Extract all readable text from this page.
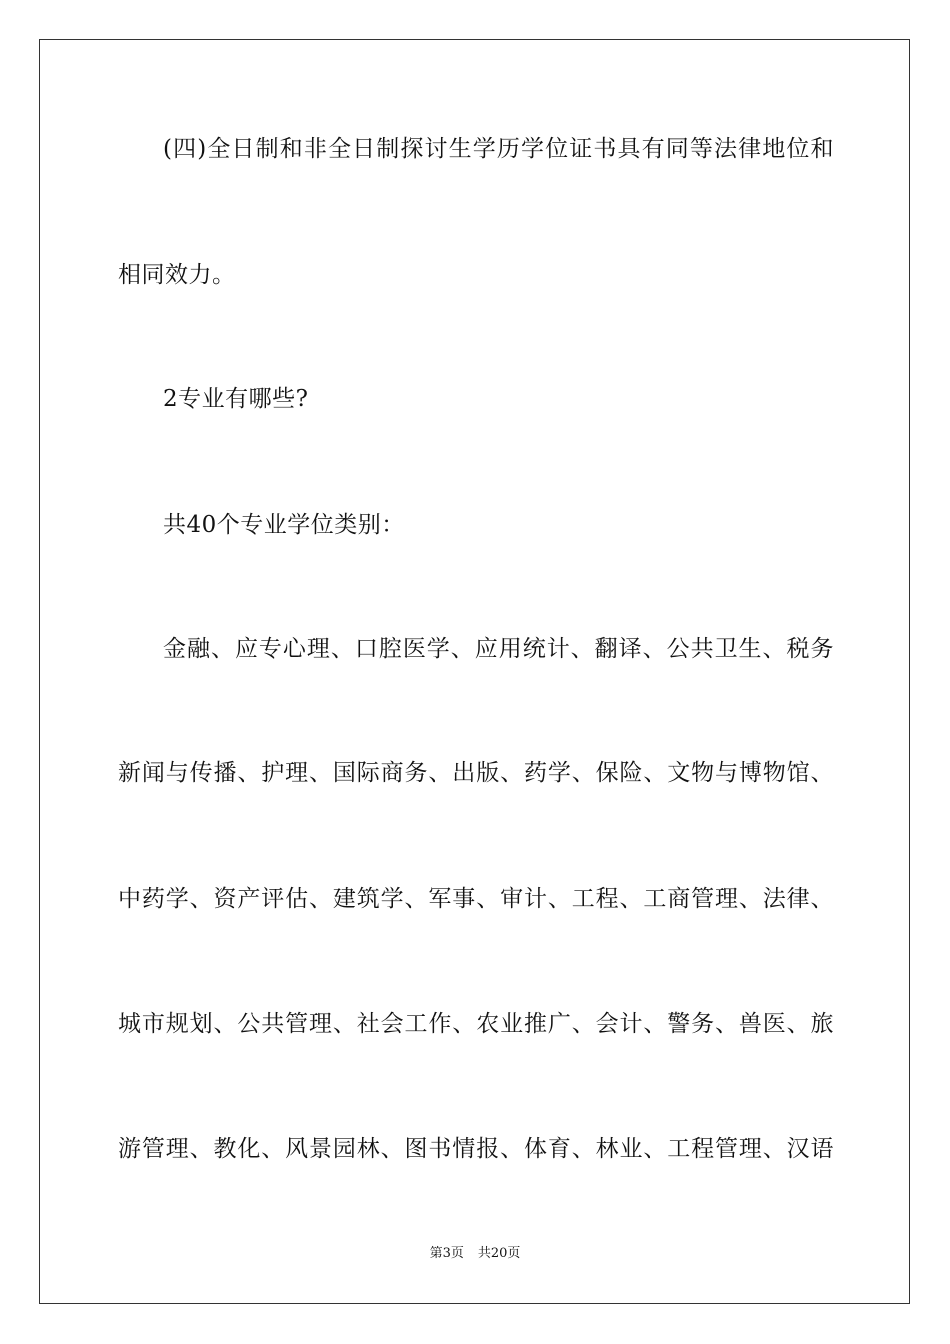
(四)全日制和非全日制探讨生学历学位证书具有同等法律地位和
相同效力。
2专业有哪些?
共40个专业学位类别：
金融、应专心理、口腔医学、应用统计、翻译、公共卫生、税务
新闻与传播、护理、国际商务、出版、药学、保险、文物与博物馆、
中药学、资产评估、建筑学、军事、审计、工程、工商管理、法律、
城市规划、公共管理、社会工作、农业推广、会计、警务、兽医、旅
游管理、教化、风景园林、图书情报、体育、林业、工程管理、汉语
第3页 共20页
